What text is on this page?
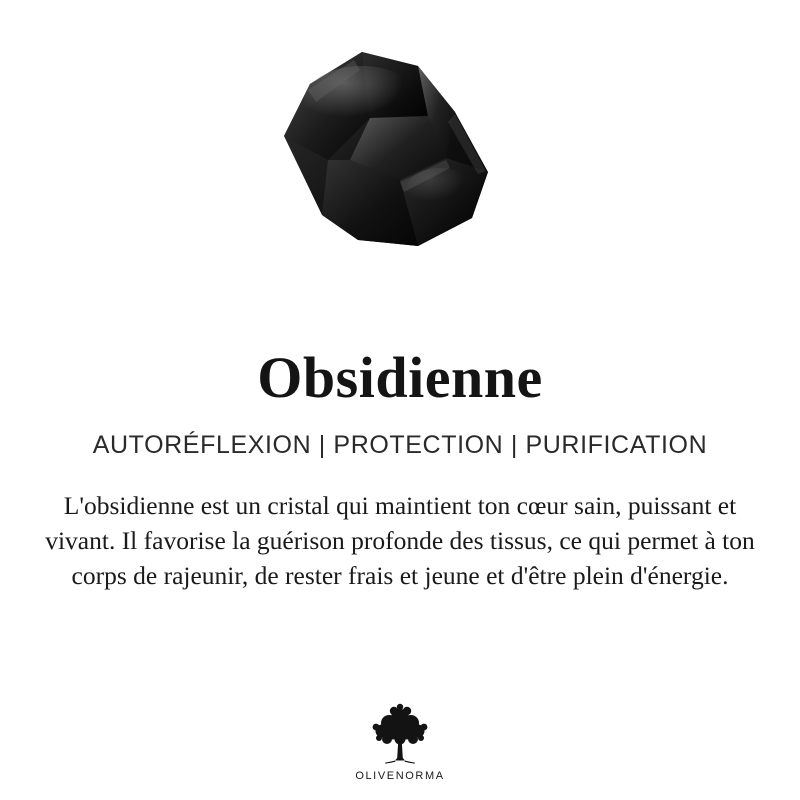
Obsidienne
AUTORÉFLEXION | PROTECTION | PURIFICATION
L'obsidienne est un cristal qui maintient ton cœur sain, puissant et vivant. Il favorise la guérison profonde des tissus, ce qui permet à ton corps de rajeunir, de rester frais et jeune et d'être plein d'énergie.
OLIVENORMA
